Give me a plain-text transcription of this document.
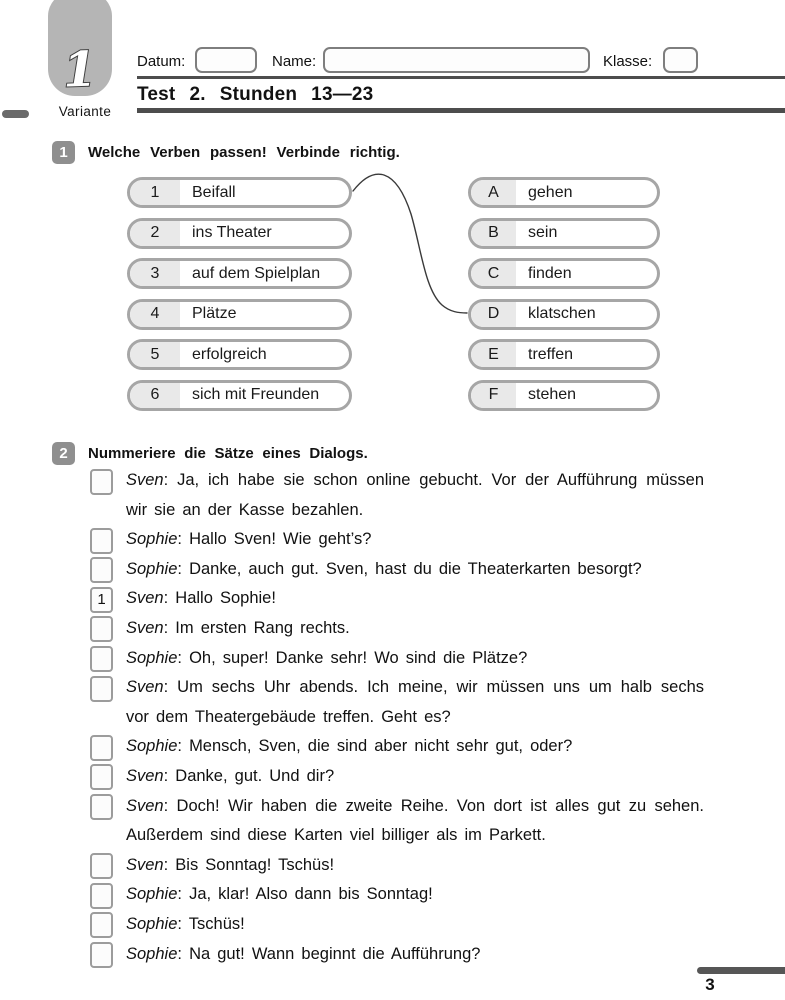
1
Variante
Datum:	Name:	Klasse:
Test 2. Stunden 13—23
1 Welche Verben passen! Verbinde richtig.
1	Beifall
2	ins Theater
3	auf dem Spielplan
4	Plätze
5	erfolgreich
6	sich mit Freunden
A	gehen
B	sein
C	finden
D	klatschen
E	treffen
F	stehen
2 Nummeriere die Sätze eines Dialogs.

Sven: Ja, ich habe sie schon online gebucht. Vor der Aufführung müssen wir sie an der Kasse bezahlen.

Sophie: Hallo Sven! Wie geht’s?

Sophie: Danke, auch gut. Sven, hast du die Theaterkarten besorgt?

1	Sven: Hallo Sophie!

Sven: Im ersten Rang rechts.

Sophie: Oh, super! Danke sehr! Wo sind die Plätze?

Sven: Um sechs Uhr abends. Ich meine, wir müssen uns um halb sechs vor dem Theatergebäude treffen. Geht es?

Sophie: Mensch, Sven, die sind aber nicht sehr gut, oder?

Sven: Danke, gut. Und dir?

Sven: Doch! Wir haben die zweite Reihe. Von dort ist alles gut zu sehen. Außerdem sind diese Karten viel billiger als im Parkett.

Sven: Bis Sonntag! Tschüs!

Sophie: Ja, klar! Also dann bis Sonntag!

Sophie: Tschüs!

Sophie: Na gut! Wann beginnt die Aufführung?

3
